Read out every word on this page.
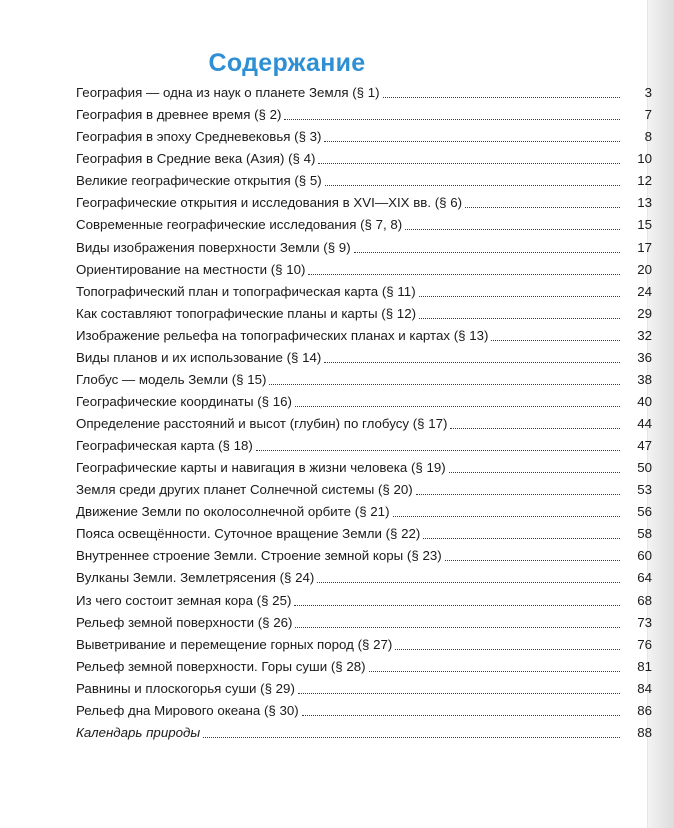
Содержание
География — одна из наук о планете Земля (§ 1)	3
География в древнее время (§ 2)	7
География в эпоху Средневековья (§ 3)	8
География в Средние века (Азия) (§ 4)	10
Великие географические открытия (§ 5)	12
Географические открытия и исследования в XVI—XIX вв. (§ 6)	13
Современные географические исследования (§ 7, 8)	15
Виды изображения поверхности Земли (§ 9)	17
Ориентирование на местности (§ 10)	20
Топографический план и топографическая карта (§ 11)	24
Как составляют топографические планы и карты (§ 12)	29
Изображение рельефа на топографических планах и картах (§ 13)	32
Виды планов и их использование (§ 14)	36
Глобус — модель Земли (§ 15)	38
Географические координаты (§ 16)	40
Определение расстояний и высот (глубин) по глобусу (§ 17)	44
Географическая карта (§ 18)	47
Географические карты и навигация в жизни человека (§ 19)	50
Земля среди других планет Солнечной системы (§ 20)	53
Движение Земли по околосолнечной орбите (§ 21)	56
Пояса освещённости. Суточное вращение Земли (§ 22)	58
Внутреннее строение Земли. Строение земной коры (§ 23)	60
Вулканы Земли. Землетрясения (§ 24)	64
Из чего состоит земная кора (§ 25)	68
Рельеф земной поверхности (§ 26)	73
Выветривание и перемещение горных пород (§ 27)	76
Рельеф земной поверхности. Горы суши (§ 28)	81
Равнины и плоскогорья суши (§ 29)	84
Рельеф дна Мирового океана (§ 30)	86
Календарь природы	88
